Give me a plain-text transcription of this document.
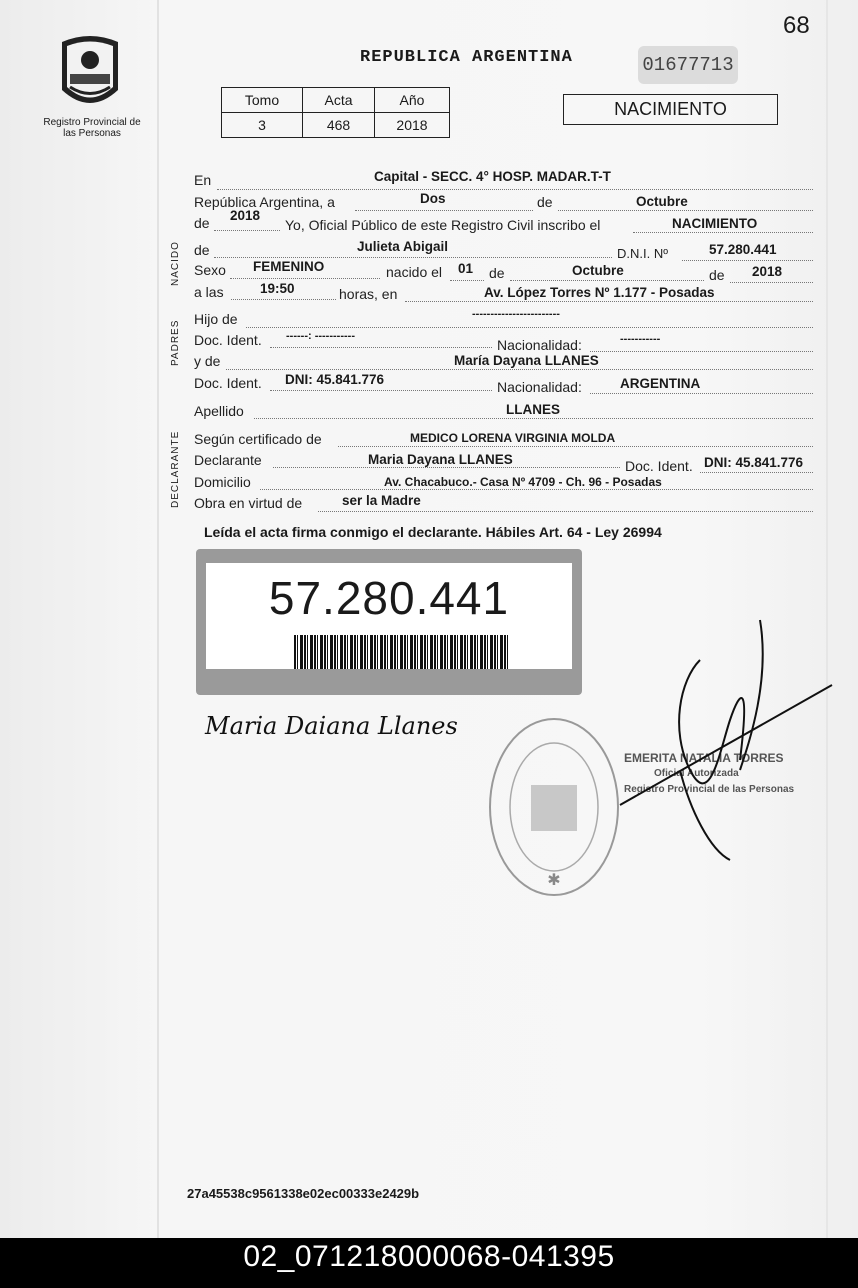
68
Registro Provincial de las Personas
REPUBLICA ARGENTINA	01677713
Tomo	Acta	Año
3	468	2018
NACIMIENTO
NACIDO
PADRES
DECLARANTE
En	Capital - SECC. 4° HOSP. MADAR.T-T
República Argentina, a	Dos	de	Octubre
de 2018
Yo, Oficial Público de este Registro Civil inscribo el	NACIMIENTO
de	Julieta Abigail	D.N.I. Nº	57.280.441
Sexo FEMENINO	nacido el 01 de	Octubre	de 2018
a las	19:50	horas, en	Av. López Torres Nº 1.177 - Posadas
Hijo de	------------------------
Doc. Ident. ------: -----------
Nacionalidad:	-----------
y de	María Dayana LLANES
Doc. Ident. DNI: 45.841.776	Nacionalidad:	ARGENTINA
Apellido	LLANES
Según certificado de	MEDICO LORENA VIRGINIA MOLDA
Declarante	Maria Dayana LLANES	Doc. Ident. DNI: 45.841.776
Domicilio	Av. Chacabuco.- Casa Nº 4709 - Ch. 96 - Posadas
Obra en virtud de	ser la Madre
Leída el acta firma conmigo el declarante. Hábiles Art. 64 - Ley 26994
57.280.441
Maria Daiana Llanes
✱
EMERITA NATALIA TORRES
Oficial Autorizada
Registro Provincial de las Personas
27a45538c9561338e02ec00333e2429b
02_071218000068-041395
